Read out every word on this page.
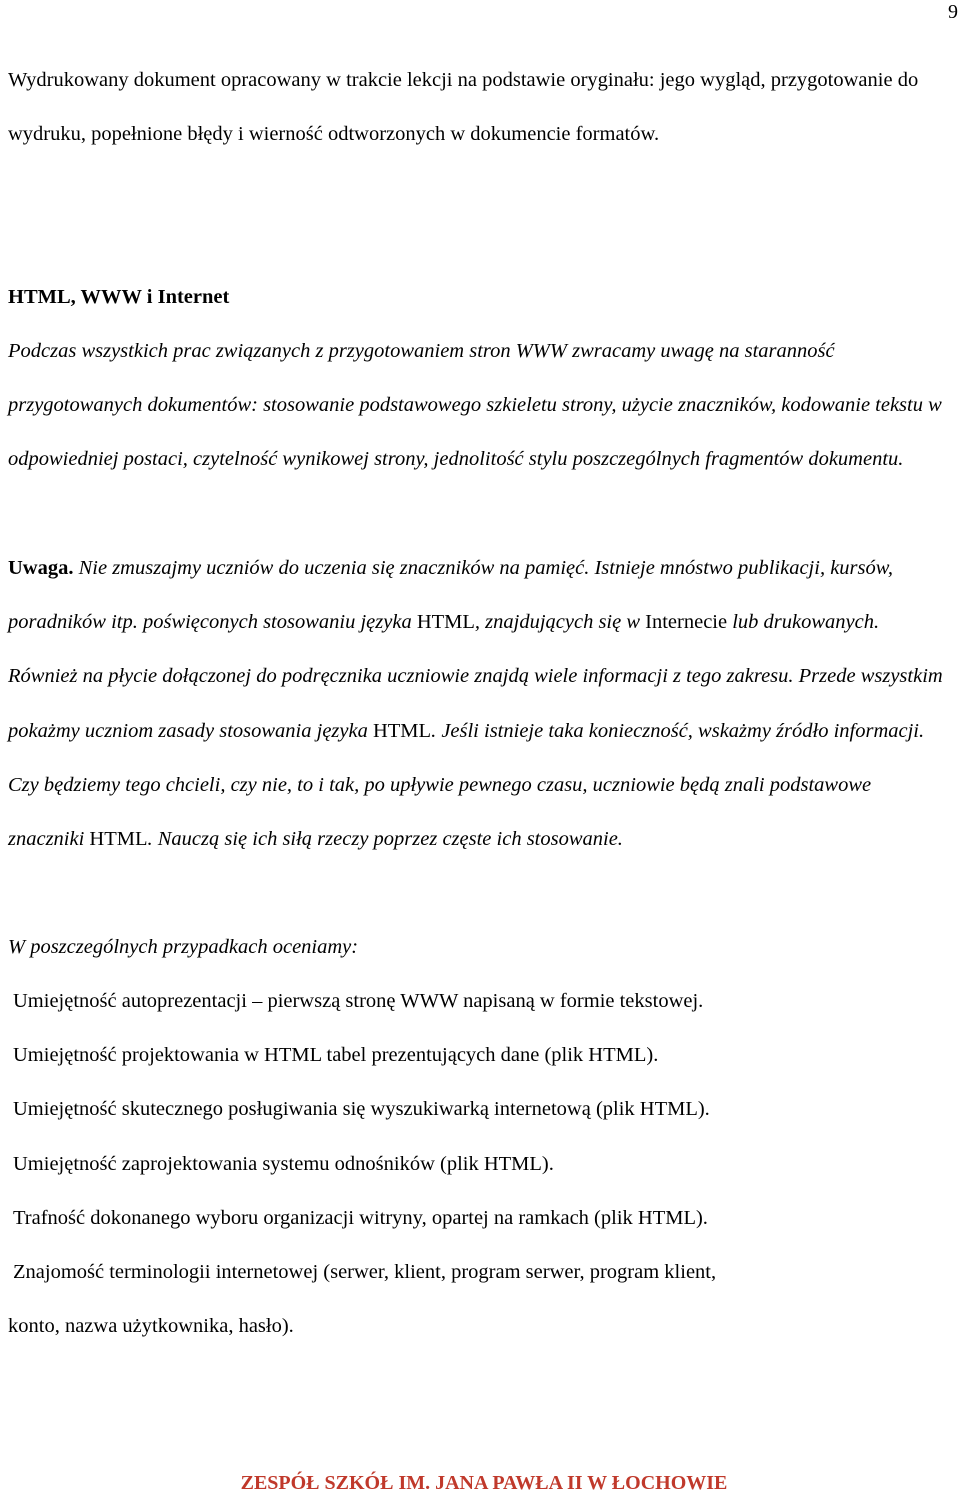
9

Wydrukowany dokument opracowany w trakcie lekcji na podstawie oryginału: jego wygląd, przygotowanie do wydruku, popełnione błędy i wierność odtworzonych w dokumencie formatów.

HTML, WWW i Internet

Podczas wszystkich prac związanych z przygotowaniem stron WWW zwracamy uwagę na staranność przygotowanych dokumentów: stosowanie podstawowego szkieletu strony, użycie znaczników, kodowanie tekstu w odpowiedniej postaci, czytelność wynikowej strony, jednolitość stylu poszczególnych fragmentów dokumentu.

Uwaga. Nie zmuszajmy uczniów do uczenia się znaczników na pamięć. Istnieje mnóstwo publikacji, kursów, poradników itp. poświęconych stosowaniu języka HTML, znajdujących się w Internecie lub drukowanych. Również na płycie dołączonej do podręcznika uczniowie znajdą wiele informacji z tego zakresu. Przede wszystkim pokażmy uczniom zasady stosowania języka HTML. Jeśli istnieje taka konieczność, wskażmy źródło informacji. Czy będziemy tego chcieli, czy nie, to i tak, po upływie pewnego czasu, uczniowie będą znali podstawowe znaczniki HTML. Nauczą się ich siłą rzeczy poprzez częste ich stosowanie.

W poszczególnych przypadkach oceniamy:

Umiejętność autoprezentacji – pierwszą stronę WWW napisaną w formie tekstowej.
Umiejętność projektowania w HTML tabel prezentujących dane (plik HTML).
Umiejętność skutecznego posługiwania się wyszukiwarką internetową (plik HTML).
Umiejętność zaprojektowania systemu odnośników (plik HTML).
Trafność dokonanego wyboru organizacji witryny, opartej na ramkach (plik HTML).
Znajomość terminologii internetowej (serwer, klient, program serwer, program klient,
konto, nazwa użytkownika, hasło).
ZESPÓŁ SZKÓŁ IM. JANA PAWŁA II W ŁOCHOWIE
